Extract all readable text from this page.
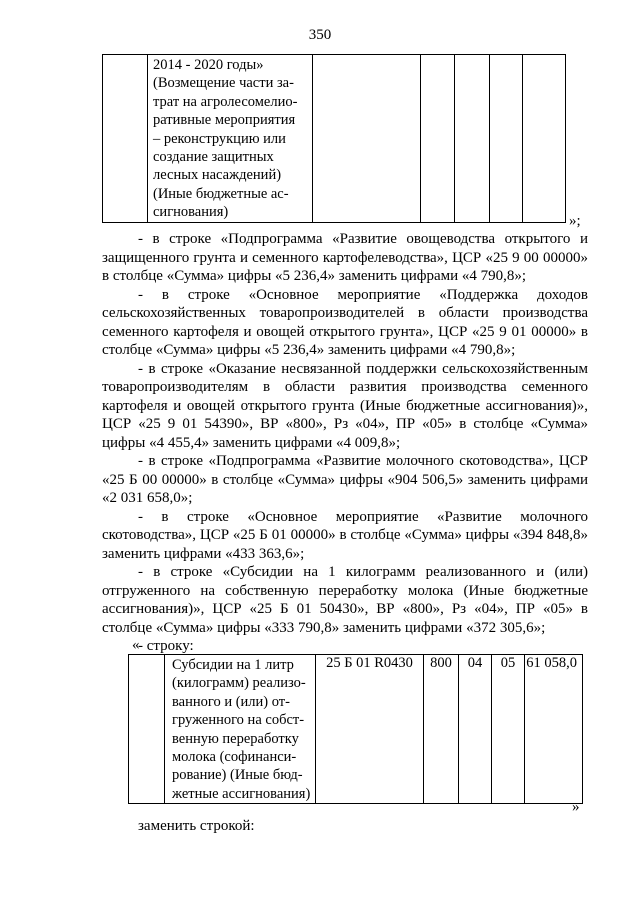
350

2014 - 2020 годы»
(Возмещение части за-
трат на агролесомелио-
ративные мероприятия
– реконструкцию или
создание защитных
лесных насаждений)
(Иные бюджетные ас-
сигнования)

»;

- в строке «Подпрограмма «Развитие овощеводства открытого и защищенного грунта и семенного картофелеводства», ЦСР «25 9 00 00000» в столбце «Сумма» цифры «5 236,4» заменить цифрами «4 790,8»;

- в строке «Основное мероприятие «Поддержка доходов сельскохозяйственных товаропроизводителей в области производства семенного картофеля и овощей открытого грунта», ЦСР «25 9 01 00000» в столбце «Сумма» цифры «5 236,4» заменить цифрами «4 790,8»;

- в строке «Оказание несвязанной поддержки сельскохозяйственным товаропроизводителям в области развития производства семенного картофеля и овощей открытого грунта (Иные бюджетные ассигнования)», ЦСР «25 9 01 54390», ВР «800», Рз «04», ПР «05» в столбце «Сумма» цифры «4 455,4» заменить цифрами «4 009,8»;

- в строке «Подпрограмма «Развитие молочного скотоводства», ЦСР «25 Б 00 00000» в столбце «Сумма» цифры «904 506,5» заменить цифрами «2 031 658,0»;

- в строке «Основное мероприятие «Развитие молочного скотоводства», ЦСР «25 Б 01 00000» в столбце «Сумма» цифры «394 848,8» заменить цифрами «433 363,6»;

- в строке «Субсидии на 1 килограмм реализованного и (или) отгруженного на собственную переработку молока (Иные бюджетные ассигнования)», ЦСР «25 Б 01 50430», ВР «800», Рз «04», ПР «05» в столбце «Сумма» цифры «333 790,8» заменить цифрами «372 305,6»;

- строку:

«

Субсидии на 1 литр
(килограмм) реализо-
ванного и (или) от-
груженного на собст-
венную переработку
молока (софинанси-
рование) (Иные бюд-
жетные ассигнования)
	25 Б 01 R0430	800	04	05	61 058,0
»
заменить строкой:
